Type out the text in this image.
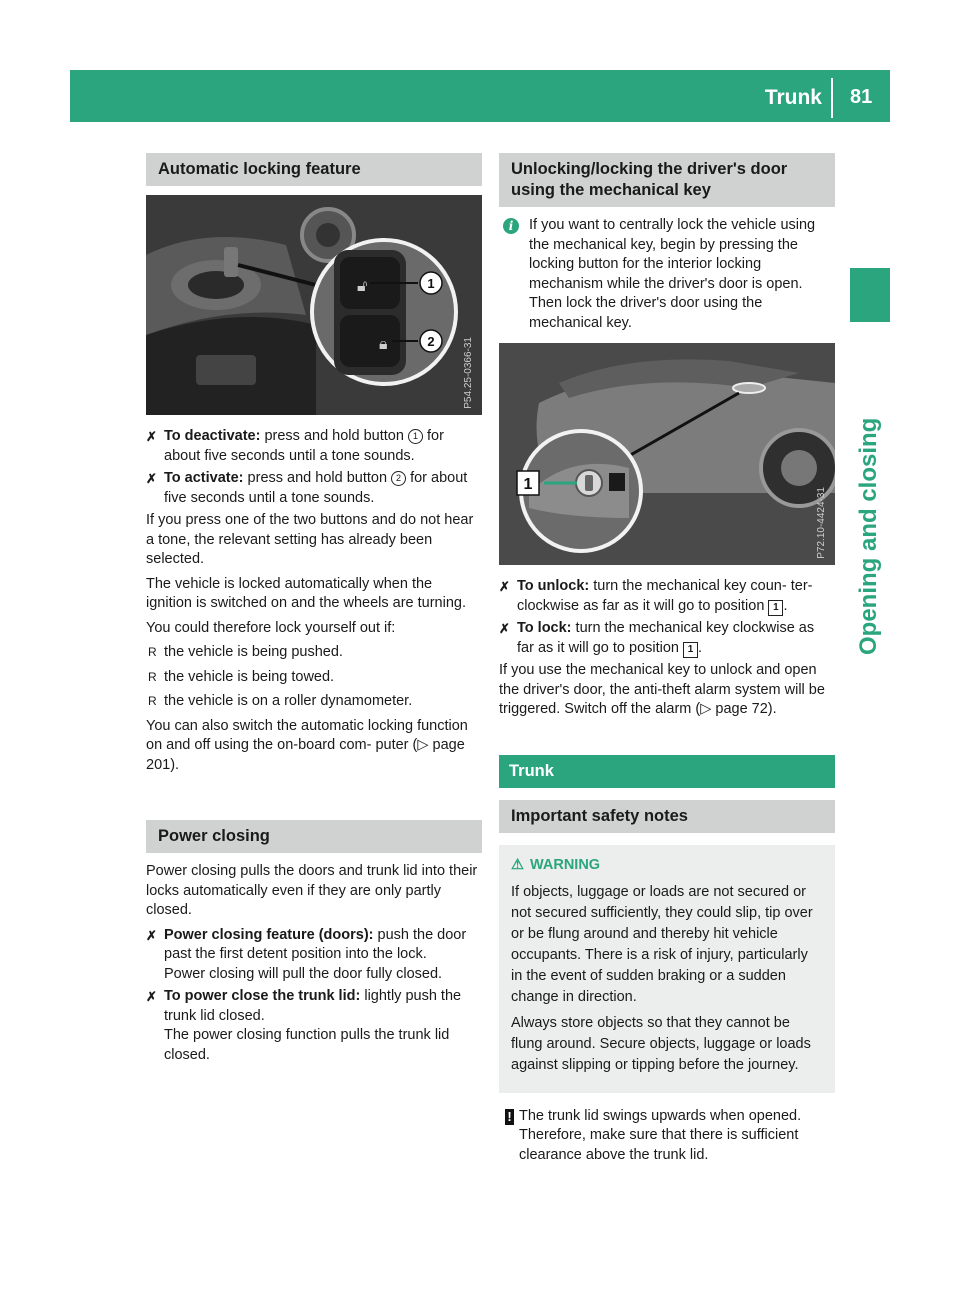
Trunk 81
Opening and closing
Automatic locking feature
🔓︎
🔒︎
1
2	P54.25-0366-31
✗ To deactivate: press and hold button 1 for about five seconds until a tone sounds.
✗ To activate: press and hold button 2 for about five seconds until a tone sounds.

If you press one of the two buttons and do not hear a tone, the relevant setting has already been selected.

The vehicle is locked automatically when the ignition is switched on and the wheels are turning.

You could therefore lock yourself out if:

R the vehicle is being pushed.
R the vehicle is being towed.
R the vehicle is on a roller dynamometer.

You can also switch the automatic locking function on and off using the on-board com- puter (▷ page 201).

Power closing

Power closing pulls the doors and trunk lid into their locks automatically even if they are only partly closed.

✗ Power closing feature (doors): push the door past the first detent position into the lock.
Power closing will pull the door fully closed.
✗ To power close the trunk lid: lightly push the trunk lid closed.
The power closing function pulls the trunk lid closed.
Unlocking/locking the driver's door using the mechanical key
i	If you want to centrally lock the vehicle using the mechanical key, begin by pressing the locking button for the interior locking mechanism while the driver's door is open. Then lock the driver's door using the mechanical key.
1
P72.10-4424-31
✗ To unlock: turn the mechanical key coun- ter-clockwise as far as it will go to position 1 .
✗ To lock: turn the mechanical key clockwise as far as it will go to position 1 .

If you use the mechanical key to unlock and open the driver's door, the anti-theft alarm system will be triggered. Switch off the alarm (▷ page 72).

Trunk
Important safety notes
⚠︎ WARNING

If objects, luggage or loads are not secured or not secured sufficiently, they could slip, tip over or be flung around and thereby hit vehicle occupants. There is a risk of injury, particularly in the event of sudden braking or a sudden change in direction.

Always store objects so that they cannot be flung around. Secure objects, luggage or loads against slipping or tipping before the journey.

! The trunk lid swings upwards when opened. Therefore, make sure that there is sufficient clearance above the trunk lid.
